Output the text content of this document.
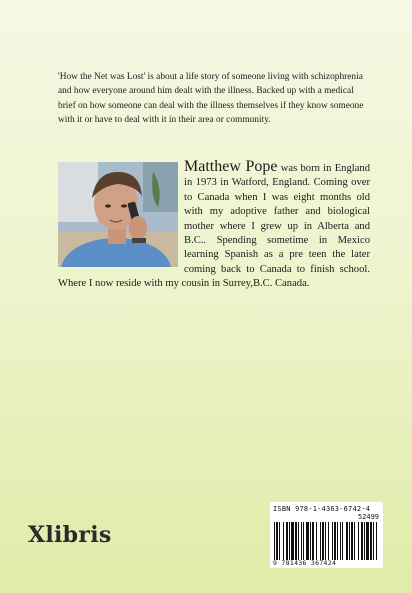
'How the Net was Lost' is about a life story of someone living with schizophrenia and how everyone around him dealt with the illness. Backed up with a medical brief on how someone can deal with the illness themselves if they know someone with it or have to deal with it in their area or community.

Matthew Pope was born in England in 1973 in Watford, England. Coming over to Canada when I was eight months old with my adoptive father and biological mother where I grew up in Alberta and B.C.. Spending sometime in Mexico learning Spanish as a pre teen the later coming back to Canada to finish school. Where I now reside with my cousin in Surrey,B.C. Canada.

Xlibris
ISBN 978-1-4363-6742-4
52499
9 781436 367424
